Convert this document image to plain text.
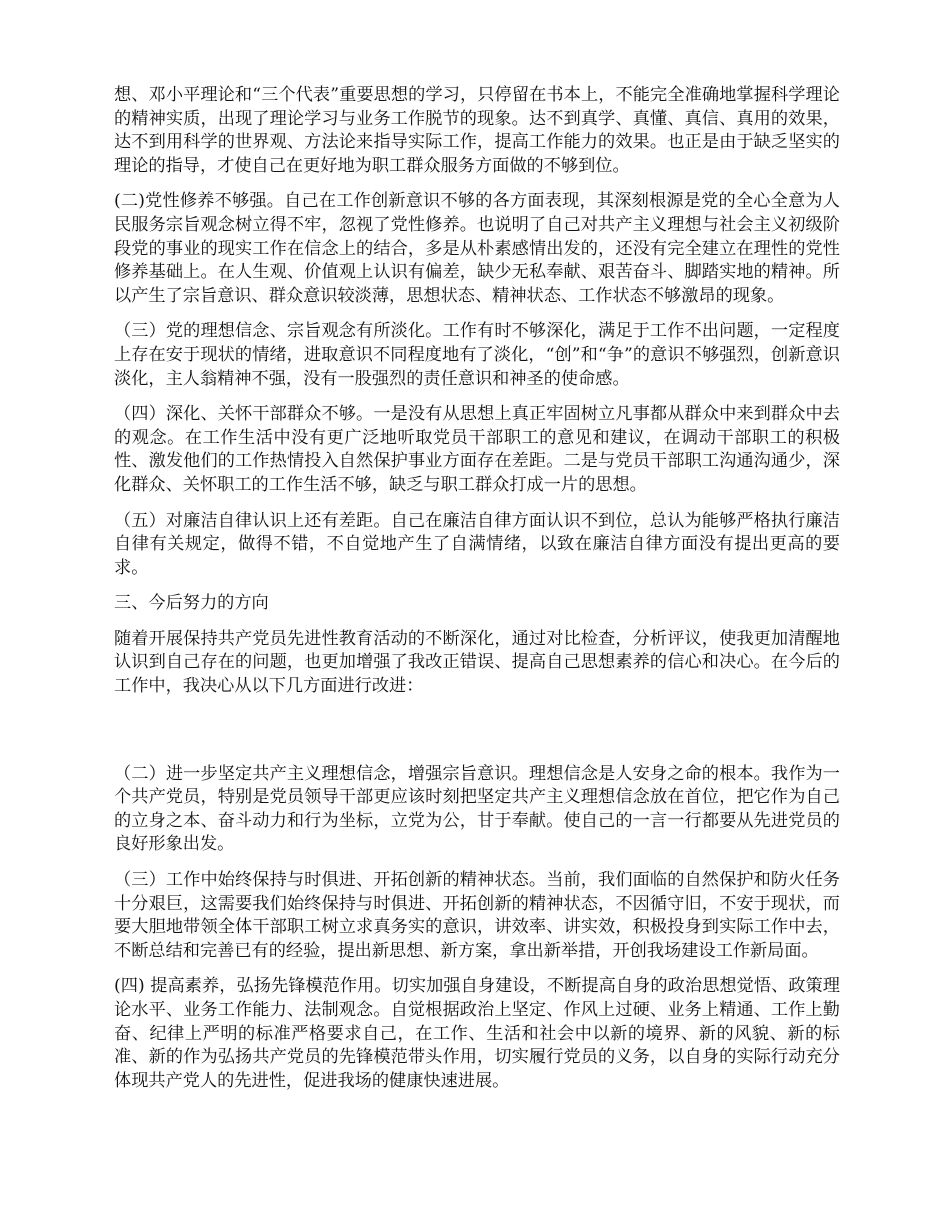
想、邓小平理论和“三个代表”重要思想的学习，只停留在书本上，不能完全准确地掌握科学理论的精神实质，出现了理论学习与业务工作脱节的现象。达不到真学、真懂、真信、真用的效果，达不到用科学的世界观、方法论来指导实际工作，提高工作能力的效果。也正是由于缺乏坚实的理论的指导，才使自己在更好地为职工群众服务方面做的不够到位。

(二)党性修养不够强。自己在工作创新意识不够的各方面表现，其深刻根源是党的全心全意为人民服务宗旨观念树立得不牢，忽视了党性修养。也说明了自己对共产主义理想与社会主义初级阶段党的事业的现实工作在信念上的结合，多是从朴素感情出发的，还没有完全建立在理性的党性修养基础上。在人生观、价值观上认识有偏差，缺少无私奉献、艰苦奋斗、脚踏实地的精神。所以产生了宗旨意识、群众意识较淡薄，思想状态、精神状态、工作状态不够激昂的现象。

（三）党的理想信念、宗旨观念有所淡化。工作有时不够深化，满足于工作不出问题，一定程度上存在安于现状的情绪，进取意识不同程度地有了淡化，“创”和“争”的意识不够强烈，创新意识淡化，主人翁精神不强，没有一股强烈的责任意识和神圣的使命感。

（四）深化、关怀干部群众不够。一是没有从思想上真正牢固树立凡事都从群众中来到群众中去的观念。在工作生活中没有更广泛地听取党员干部职工的意见和建议，在调动干部职工的积极性、激发他们的工作热情投入自然保护事业方面存在差距。二是与党员干部职工沟通沟通少，深化群众、关怀职工的工作生活不够，缺乏与职工群众打成一片的思想。

（五）对廉洁自律认识上还有差距。自己在廉洁自律方面认识不到位，总认为能够严格执行廉洁自律有关规定，做得不错，不自觉地产生了自满情绪，以致在廉洁自律方面没有提出更高的要求。

三、今后努力的方向

随着开展保持共产党员先进性教育活动的不断深化，通过对比检查，分析评议，使我更加清醒地认识到自己存在的问题，也更加增强了我改正错误、提高自己思想素养的信心和决心。在今后的工作中，我决心从以下几方面进行改进：

（二）进一步坚定共产主义理想信念，增强宗旨意识。理想信念是人安身之命的根本。我作为一个共产党员，特别是党员领导干部更应该时刻把坚定共产主义理想信念放在首位，把它作为自己的立身之本、奋斗动力和行为坐标，立党为公，甘于奉献。使自己的一言一行都要从先进党员的良好形象出发。

（三）工作中始终保持与时俱进、开拓创新的精神状态。当前，我们面临的自然保护和防火任务十分艰巨，这需要我们始终保持与时俱进、开拓创新的精神状态，不因循守旧，不安于现状，而要大胆地带领全体干部职工树立求真务实的意识，讲效率、讲实效，积极投身到实际工作中去，不断总结和完善已有的经验，提出新思想、新方案，拿出新举措，开创我场建设工作新局面。

(四) 提高素养，弘扬先锋模范作用。切实加强自身建设，不断提高自身的政治思想觉悟、政策理论水平、业务工作能力、法制观念。自觉根据政治上坚定、作风上过硬、业务上精通、工作上勤奋、纪律上严明的标准严格要求自己，在工作、生活和社会中以新的境界、新的风貌、新的标准、新的作为弘扬共产党员的先锋模范带头作用，切实履行党员的义务，以自身的实际行动充分体现共产党人的先进性，促进我场的健康快速进展。
